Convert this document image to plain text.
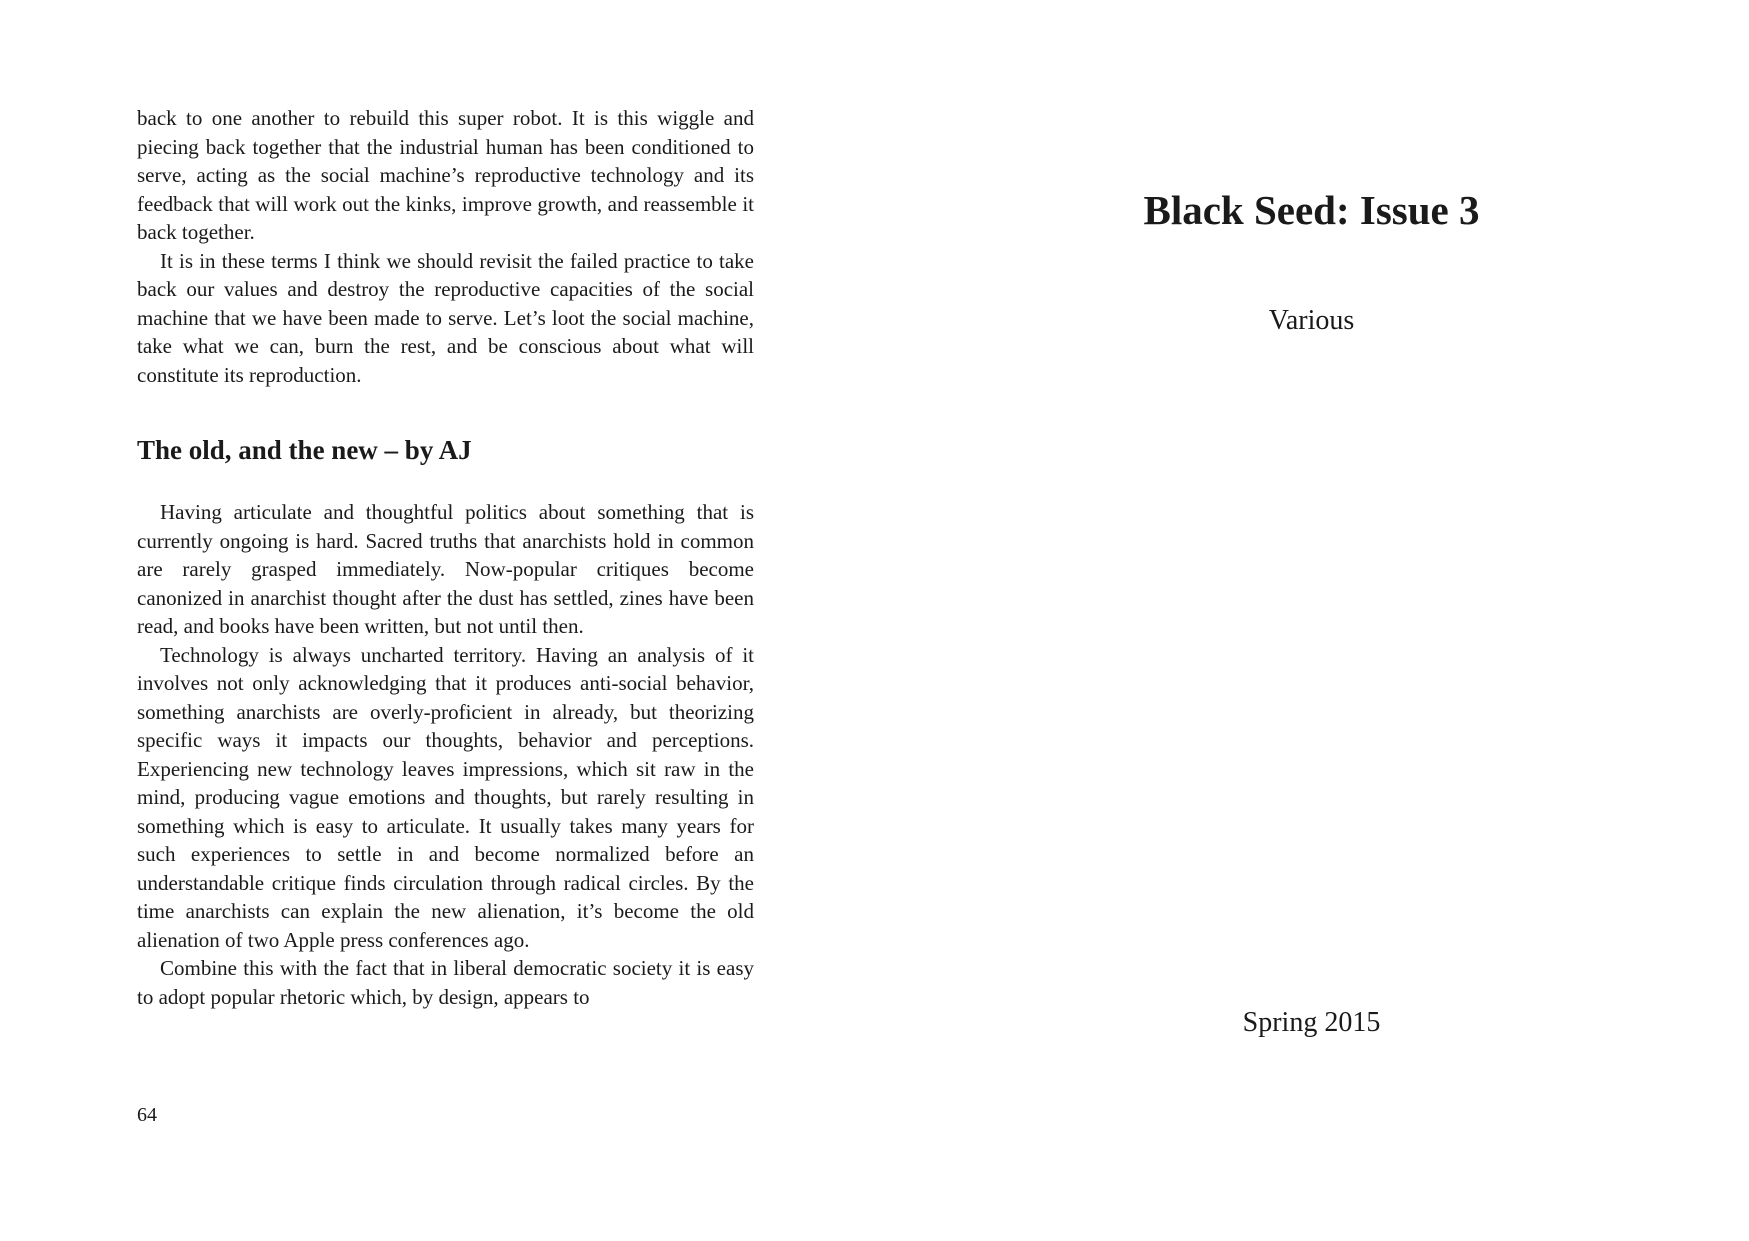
back to one another to rebuild this super robot. It is this wiggle and piecing back together that the industrial human has been conditioned to serve, acting as the social machine’s reproductive technology and its feedback that will work out the kinks, improve growth, and reassemble it back together.

It is in these terms I think we should revisit the failed practice to take back our values and destroy the reproductive capacities of the social machine that we have been made to serve. Let’s loot the social machine, take what we can, burn the rest, and be conscious about what will constitute its reproduction.

The old, and the new – by AJ

Having articulate and thoughtful politics about something that is currently ongoing is hard. Sacred truths that anarchists hold in common are rarely grasped immediately. Now-popular critiques become canonized in anarchist thought after the dust has settled, zines have been read, and books have been written, but not until then.

Technology is always uncharted territory. Having an analysis of it involves not only acknowledging that it produces anti-social behavior, something anarchists are overly-proficient in already, but theorizing specific ways it impacts our thoughts, behavior and perceptions. Experiencing new technology leaves impressions, which sit raw in the mind, producing vague emotions and thoughts, but rarely resulting in something which is easy to articulate. It usually takes many years for such experiences to settle in and become normalized before an understandable critique finds circulation through radical circles. By the time anarchists can explain the new alienation, it’s become the old alienation of two Apple press conferences ago.

Combine this with the fact that in liberal democratic society it is easy to adopt popular rhetoric which, by design, appears to

64
Black Seed: Issue 3
Various
Spring 2015
